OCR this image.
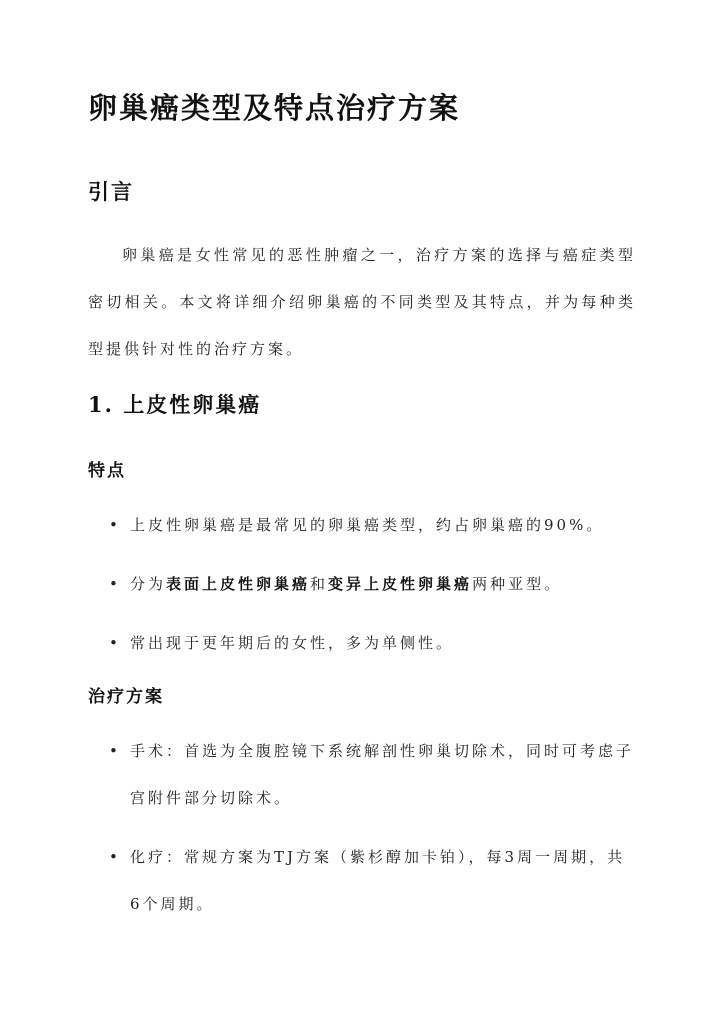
卵巢癌类型及特点治疗方案
引言

卵巢癌是女性常见的恶性肿瘤之一，治疗方案的选择与癌症类型密切相关。本文将详细介绍卵巢癌的不同类型及其特点，并为每种类型提供针对性的治疗方案。

1. 上皮性卵巢癌
特点
• 上皮性卵巢癌是最常见的卵巢癌类型，约占卵巢癌的90%。
• 分为表面上皮性卵巢癌和变异上皮性卵巢癌两种亚型。
• 常出现于更年期后的女性，多为单侧性。
治疗方案
• 手术：首选为全腹腔镜下系统解剖性卵巢切除术，同时可考虑子宫附件部分切除术。
• 化疗：常规方案为TJ方案（紫杉醇加卡铂），每3周一周期，共6个周期。
